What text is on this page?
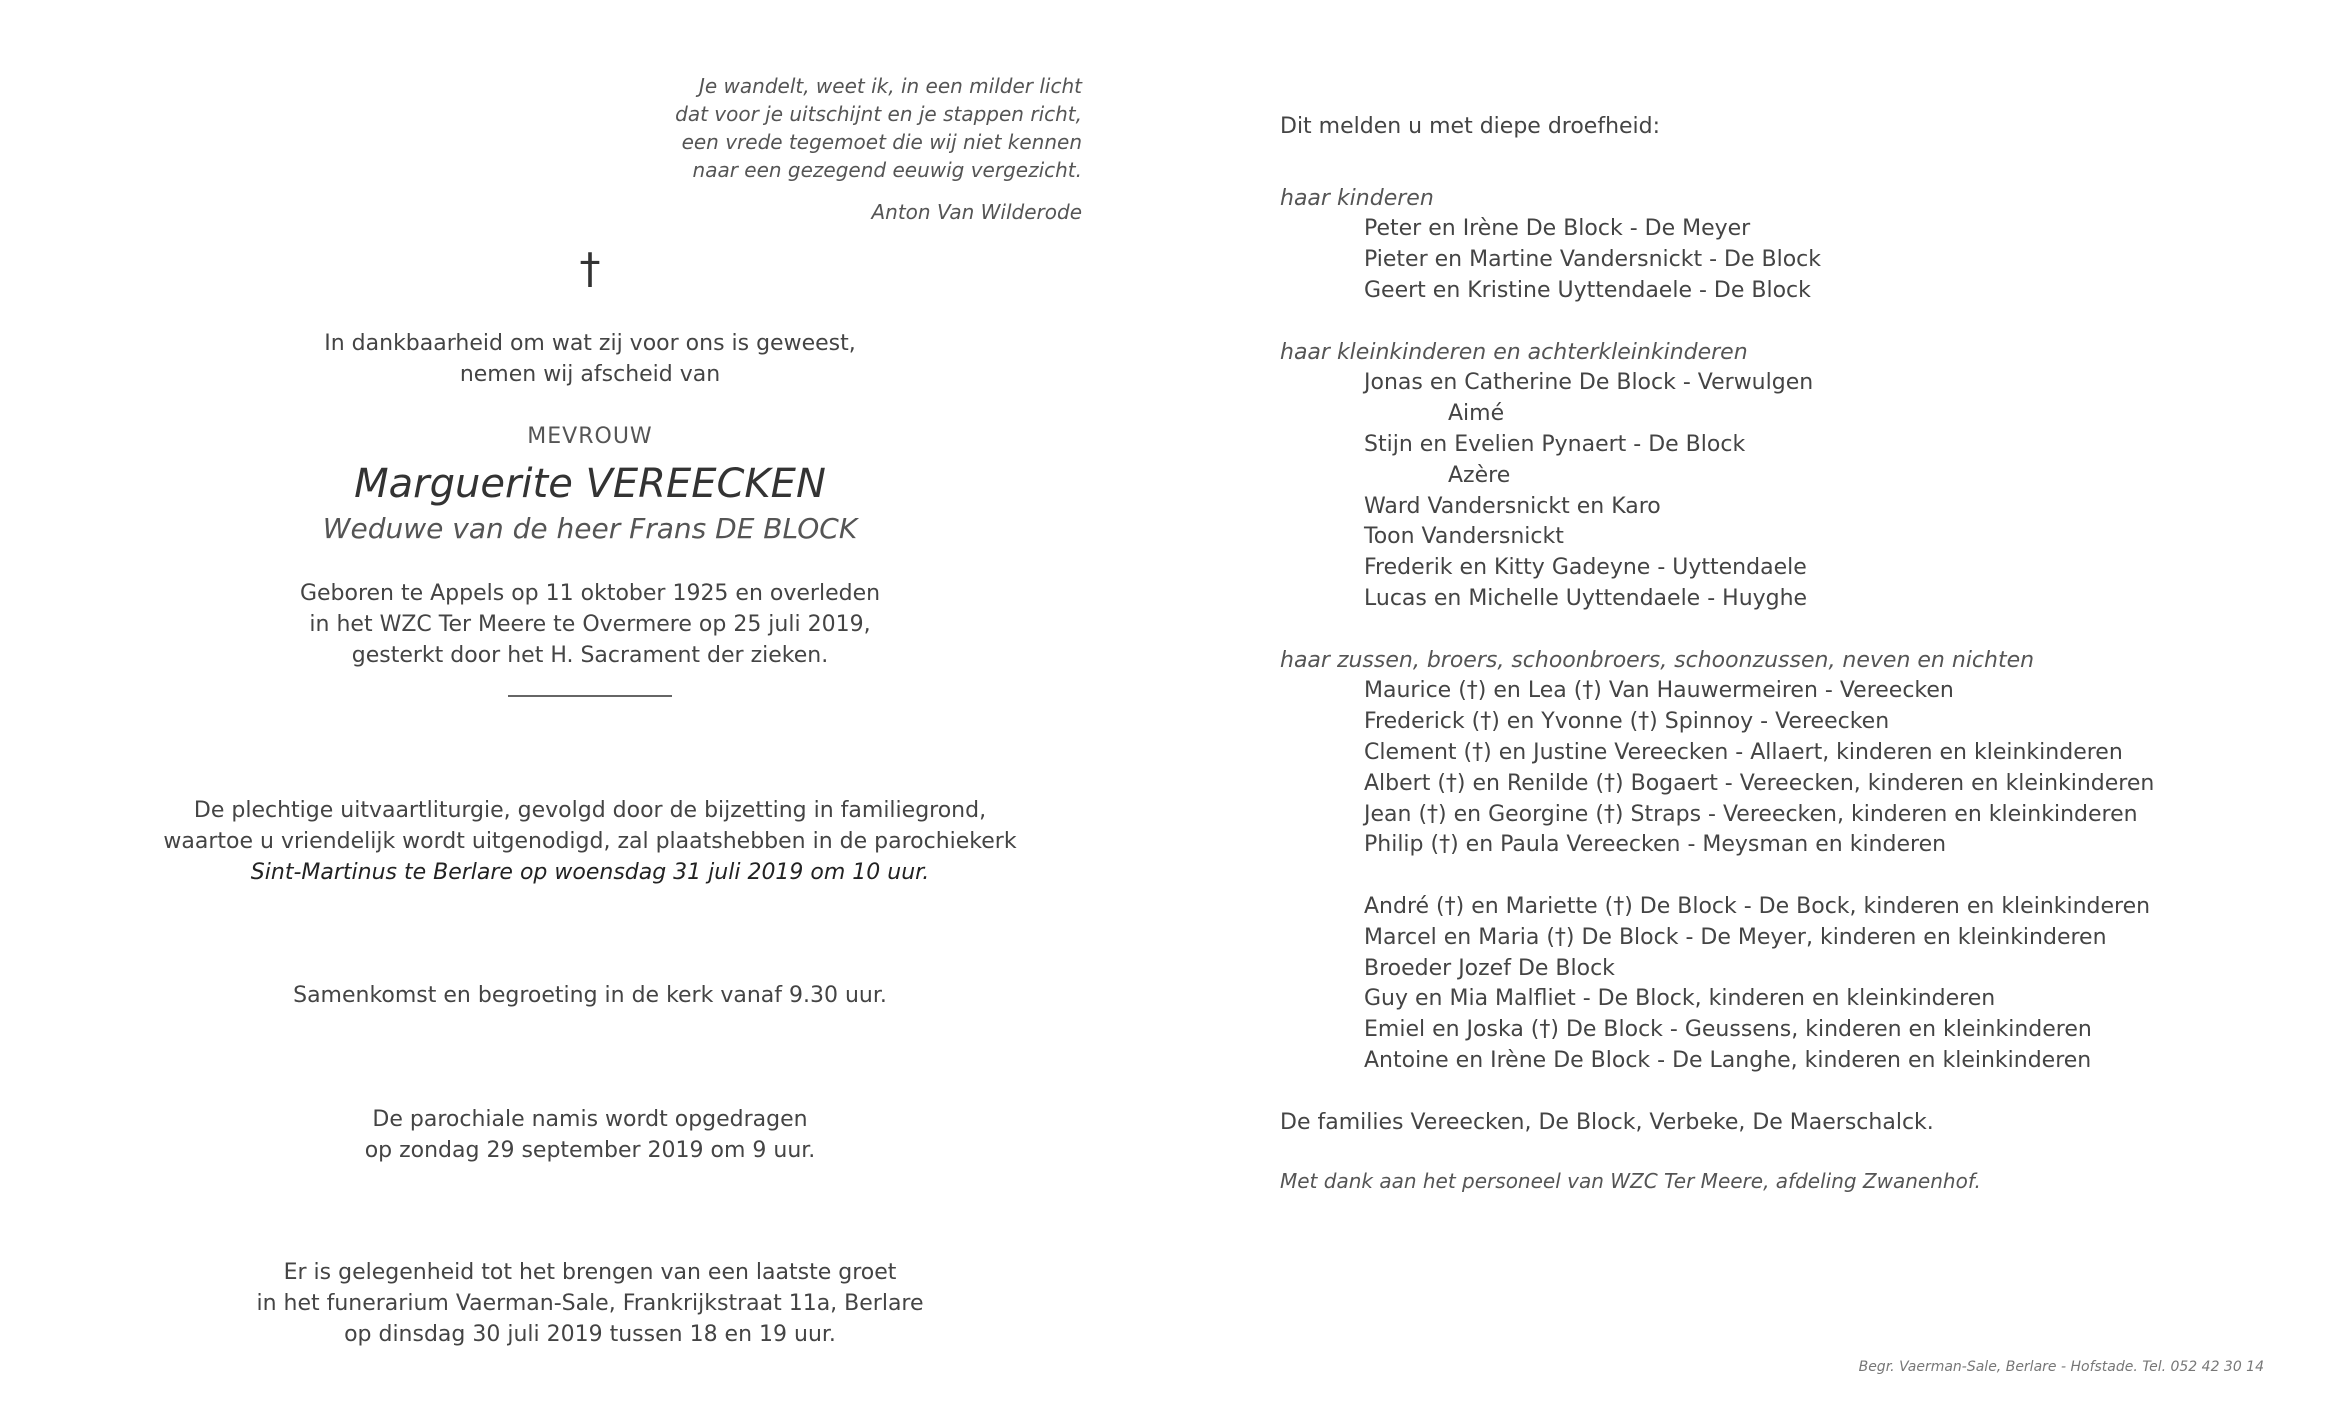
Je wandelt, weet ik, in een milder licht
dat voor je uitschijnt en je stappen richt,
een vrede tegemoet die wij niet kennen
naar een gezegend eeuwig vergezicht.
Anton Van Wilderode
†
In dankbaarheid om wat zij voor ons is geweest,
nemen wij afscheid van
MEVROUW
Marguerite VEREECKEN
Weduwe van de heer Frans DE BLOCK
Geboren te Appels op 11 oktober 1925 en overleden
in het WZC Ter Meere te Overmere op 25 juli 2019,
gesterkt door het H. Sacrament der zieken.
De plechtige uitvaartliturgie, gevolgd door de bijzetting in familiegrond,
waartoe u vriendelijk wordt uitgenodigd, zal plaatshebben in de parochiekerk
Sint-Martinus te Berlare op woensdag 31 juli 2019 om 10 uur.
Samenkomst en begroeting in de kerk vanaf 9.30 uur.
De parochiale namis wordt opgedragen
op zondag 29 september 2019 om 9 uur.
Er is gelegenheid tot het brengen van een laatste groet
in het funerarium Vaerman-Sale, Frankrijkstraat 11a, Berlare
op dinsdag 30 juli 2019 tussen 18 en 19 uur.
Dit melden u met diepe droefheid:
haar kinderen
Peter en Irène De Block - De Meyer
Pieter en Martine Vandersnickt - De Block
Geert en Kristine Uyttendaele - De Block
haar kleinkinderen en achterkleinkinderen
Jonas en Catherine De Block - Verwulgen
Aimé
Stijn en Evelien Pynaert - De Block
Azère
Ward Vandersnickt en Karo
Toon Vandersnickt
Frederik en Kitty Gadeyne - Uyttendaele
Lucas en Michelle Uyttendaele - Huyghe
haar zussen, broers, schoonbroers, schoonzussen, neven en nichten
Maurice (†) en Lea (†) Van Hauwermeiren - Vereecken
Frederick (†) en Yvonne (†) Spinnoy - Vereecken
Clement (†) en Justine Vereecken - Allaert, kinderen en kleinkinderen
Albert (†) en Renilde (†) Bogaert - Vereecken, kinderen en kleinkinderen
Jean (†) en Georgine (†) Straps - Vereecken, kinderen en kleinkinderen
Philip (†) en Paula Vereecken - Meysman en kinderen
André (†) en Mariette (†) De Block - De Bock, kinderen en kleinkinderen
Marcel en Maria (†) De Block - De Meyer, kinderen en kleinkinderen
Broeder Jozef De Block
Guy en Mia Malfliet - De Block, kinderen en kleinkinderen
Emiel en Joska (†) De Block - Geussens, kinderen en kleinkinderen
Antoine en Irène De Block - De Langhe, kinderen en kleinkinderen
De families Vereecken, De Block, Verbeke, De Maerschalck.
Met dank aan het personeel van WZC Ter Meere, afdeling Zwanenhof.
Begr. Vaerman-Sale, Berlare - Hofstade. Tel. 052 42 30 14
